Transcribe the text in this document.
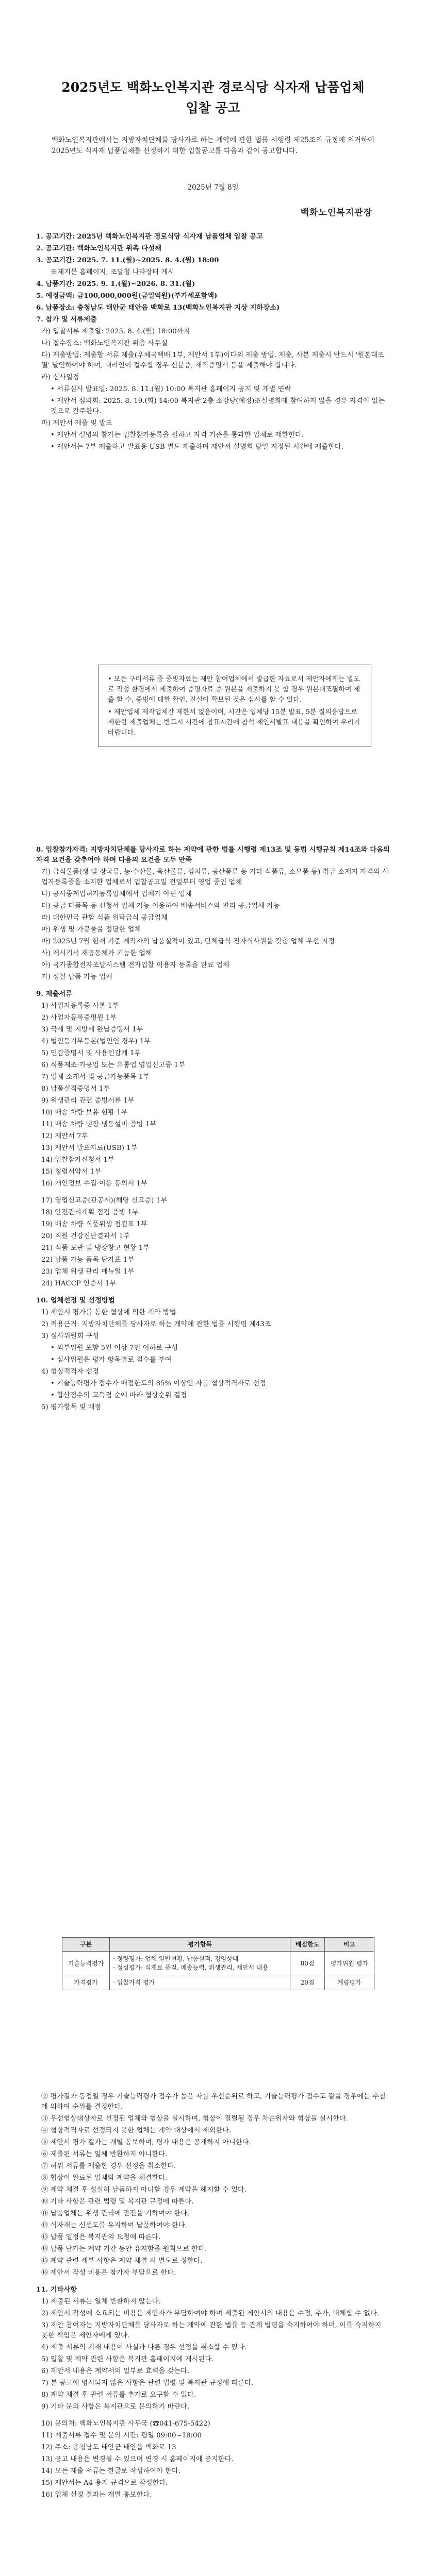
2025년도 백화노인복지관 경로식당 식자재 납품업체
입찰 공고
백화노인복지관에서는 지방자치단체를 당사자로 하는 계약에 관한 법률 시행령 제25조의 규정에 의거하여 2025년도 식자재 납품업체를 선정하기 위한 입찰공고를 다음과 같이 공고합니다.
2025년 7월 8일
백화노인복지관장

1. 공고기간: 2025년 백화노인복지관 경로식당 식자재 납품업체 입찰 공고

2. 공고기관: 백화노인복지관 위촉 다섯째

3. 공고기간: 2025. 7. 11.(월)~2025. 8. 4.(월) 18:00

※제지문 홈페이지, 조달청 나라장터 게시

4. 납품기간: 2025. 9. 1.(월)~2026. 8. 31.(월)

5. 예정금액: 금100,000,000원(금일억원)(부가세포함액)

6. 납품장소: 충청남도 태안군 태안읍 백화로 13(백화노인복지관 지상 지하장소)

7. 참가 및 서류제출

가) 입찰서류 제출일: 2025. 8. 4.(월) 18:00까지

나) 접수장소: 백화노인복지관 위층 사무실

다) 제출방법: 제출할 서류 제출(우체국택배 1부, 제안서 1부)이다외 제출 방법. 제출, 사본 제출시 반드시 '원본대조필' 날인하여야 하며, 대리인이 접수할 경우 신분증, 재직증명서 등을 제출해야 합니다.

라) 심사일정

• 서류심사 발표일: 2025. 8. 11.(월) 10:00 복지관 홈페이지 공지 및 개별 연락

• 제안서 심의회: 2025. 8. 19.(화) 14:00 복지관 2층 소강당(예정)※설명회에 참여하지 않을 경우 자격이 없는 것으로 간주한다.

마) 제안서 제출 및 발표

• 제안서 설명의 참가는 입찰참가등록을 필하고 자격 기준을 통과한 업체로 제한한다.

• 제안서는 7부 제출하고 발표용 USB 별도 제출하며 제안서 설명회 당일 지정된 시간에 제출한다.

• 모든 구비서류 중 증빙자료는 제안 참여업체에서 발급한 자료로서 제안자에게는 별도로 작성 환경에서 제출하여 증명자료 중 원본을 제출하지 못 할 경우 원본대조필하여 제출 할 수, 증빙에 대한 확인, 진실이 확보된 것은 심사를 할 수 있다.

• 제안업체 제작업체간 제한서 없음이며, 시간은 업체당 15분 발표, 5분 질의응답으로 제한함 제출업체는 반드시 시간에 참표시간에 참석 제안서발표 내용을 확인하여 우리기 바랍니다.

8. 입찰참가자격: 지방자치단체를 당사자로 하는 계약에 관한 법률 시행령 제13조 및 동법 시행규칙 제14조와 다음의 자격 요건을 갖추어야 하며 다음의 요건을 모두 만족

가) 급식물품(생 및 장국류, 농·수산물, 육산물류, 김치류, 공산품류 등 기타 식품류, 소모품 등) 취급 소재지 자격의 사업자등록증을 소지한 업체로서 입찰공고일 전일부터 영업 중인 업체

나) 공사중계업허가등록업체에서 업체가 아닌 업체

다) 공급 다품목 등 신청서 업체 가능 이용하여 배송서비스와 편리 공급업체 가능

라) 대한민국 관할 식품 위탁급식 공급업체

마) 위생 및 가공물을 정당한 업체

바) 2025년 7월 현재 기준 제작자의 납품실적이 있고, 단체급식 전자식사원을 갖춘 업체 우선 지정

사) 제시기서 재공동체가 기능한 업체

아) 국가종합전자조달시스템 전자입찰 이용자 등록을 완료 업체

자) 성실 납품 가능 업체

9. 제출서류

1) 사업자등록증 사본 1부

2) 사업자등록증명원 1부

3) 국세 및 지방세 완납증명서 1부

4) 법인등기부등본(법인인 경우) 1부

5) 인감증명서 및 사용인감계 1부

6) 식품제조·가공업 또는 유통업 영업신고증 1부

7) 업체 소개서 및 공급가능품목 1부

8) 납품실적증명서 1부

9) 위생관리 관련 증빙서류 1부

10) 배송 차량 보유 현황 1부

11) 배송 차량 냉장·냉동설비 증빙 1부

12) 제안서 7부

13) 제안서 발표자료(USB) 1부

14) 입찰참가신청서 1부

15) 청렴서약서 1부

16) 개인정보 수집·이용 동의서 1부

17) 영업신고증(관공서)(해당 신고증) 1부

18) 안전관리계획 점검 증빙 1부

19) 배송 차량 식품위생 점검표 1부

20) 직원 건강진단결과서 1부

21) 식품 보관 및 냉장창고 현황 1부

22) 납품 가능 품목 단가표 1부

23) 업체 위생 관리 매뉴얼 1부

24) HACCP 인증서 1부

10. 업체선정 및 선정방법

1) 제안서 평가를 통한 협상에 의한 계약 방법

2) 적용근거: 지방자치단체를 당사자로 하는 계약에 관한 법률 시행령 제43조

3) 심사위원회 구성

• 외부위원 포함 5인 이상 7인 이하로 구성

• 심사위원은 평가 항목별로 점수를 부여

4) 협상적격자 선정

• 기술능력평가 점수가 배점한도의 85% 이상인 자를 협상적격자로 선정

• 합산점수의 고득점 순에 따라 협상순위 결정

5) 평가항목 및 배점

구분	평가항목	배점한도	비고
기술능력평가	· 정량평가: 업체 일반현황, 납품실적, 경영상태
· 정성평가: 식재료 품질, 배송능력, 위생관리, 제안서 내용	80점	평가위원 평가
가격평가	· 입찰가격 평가	20점	계량평가

② 평가결과 동점일 경우 기술능력평가 점수가 높은 자를 우선순위로 하고, 기술능력평가 점수도 같을 경우에는 추첨에 의하여 순위를 결정한다.

③ 우선협상대상자로 선정된 업체와 협상을 실시하며, 협상이 결렬될 경우 차순위자와 협상을 실시한다.

④ 협상적격자로 선정되지 못한 업체는 계약 대상에서 제외한다.

⑤ 제안서 평가 결과는 개별 통보하며, 평가 내용은 공개하지 아니한다.

⑥ 제출된 서류는 일체 반환하지 아니한다.

⑦ 허위 서류를 제출한 경우 선정을 취소한다.

⑧ 협상이 완료된 업체와 계약을 체결한다.

⑨ 계약 체결 후 성실히 납품하지 아니할 경우 계약을 해지할 수 있다.

⑩ 기타 사항은 관련 법령 및 복지관 규정에 따른다.

⑪ 납품업체는 위생 관리에 만전을 기하여야 한다.

⑫ 식자재는 신선도를 유지하여 납품하여야 한다.

⑬ 납품 일정은 복지관의 요청에 따른다.

⑭ 납품 단가는 계약 기간 동안 유지함을 원칙으로 한다.

⑮ 계약 관련 세부 사항은 계약 체결 시 별도로 정한다.

⑯ 제안서 작성 비용은 참가자 부담으로 한다.

11. 기타사항

1) 제출된 서류는 일체 반환하지 않는다.

2) 제안서 작성에 소요되는 비용은 제안자가 부담하여야 하며 제출된 제안서의 내용은 수정, 추가, 대체할 수 없다.

3) 제안 참여자는 지방자치단체를 당사자로 하는 계약에 관한 법률 등 관계 법령을 숙지하여야 하며, 이를 숙지하지 못한 책임은 제안자에게 있다.

4) 제출 서류의 기재 내용이 사실과 다른 경우 선정을 취소할 수 있다.

5) 입찰 및 계약 관련 사항은 복지관 홈페이지에 게시된다.

6) 제안서 내용은 계약서의 일부로 효력을 갖는다.

7) 본 공고에 명시되지 않은 사항은 관련 법령 및 복지관 규정에 따른다.

8) 계약 체결 후 관련 서류를 추가로 요구할 수 있다.

9) 기타 문의 사항은 복지관으로 문의하기 바란다.

10) 문의처: 백화노인복지관 사무국 (☎041-675-5422)

11) 제출서류 접수 및 문의 시간: 평일 09:00~18:00

12) 주소: 충청남도 태안군 태안읍 백화로 13

13) 공고 내용은 변경될 수 있으며 변경 시 홈페이지에 공지한다.

14) 모든 제출 서류는 한글로 작성하여야 한다.

15) 제안서는 A4 용지 규격으로 작성한다.

16) 업체 선정 결과는 개별 통보한다.
